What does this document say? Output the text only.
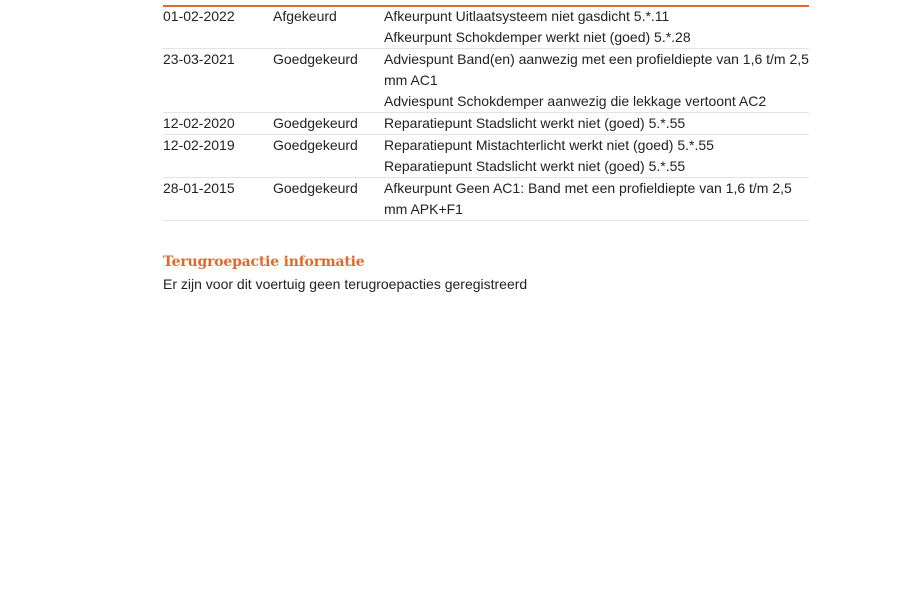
01-02-2022	Afgekeurd	Afkeurpunt Uitlaatsysteem niet gasdicht 5.*.11
Afkeurpunt Schokdemper werkt niet (goed) 5.*.28

23-03-2021	Goedgekeurd	Adviespunt Band(en) aanwezig met een profieldiepte van 1,6 t/m 2,5 mm AC1
Adviespunt Schokdemper aanwezig die lekkage vertoont AC2

12-02-2020	Goedgekeurd	Reparatiepunt Stadslicht werkt niet (goed) 5.*.55

12-02-2019	Goedgekeurd	Reparatiepunt Mistachterlicht werkt niet (goed) 5.*.55
Reparatiepunt Stadslicht werkt niet (goed) 5.*.55

28-01-2015	Goedgekeurd	Afkeurpunt Geen AC1: Band met een profieldiepte van 1,6 t/m 2,5 mm APK+F1
Terugroepactie informatie
Er zijn voor dit voertuig geen terugroepacties geregistreerd
